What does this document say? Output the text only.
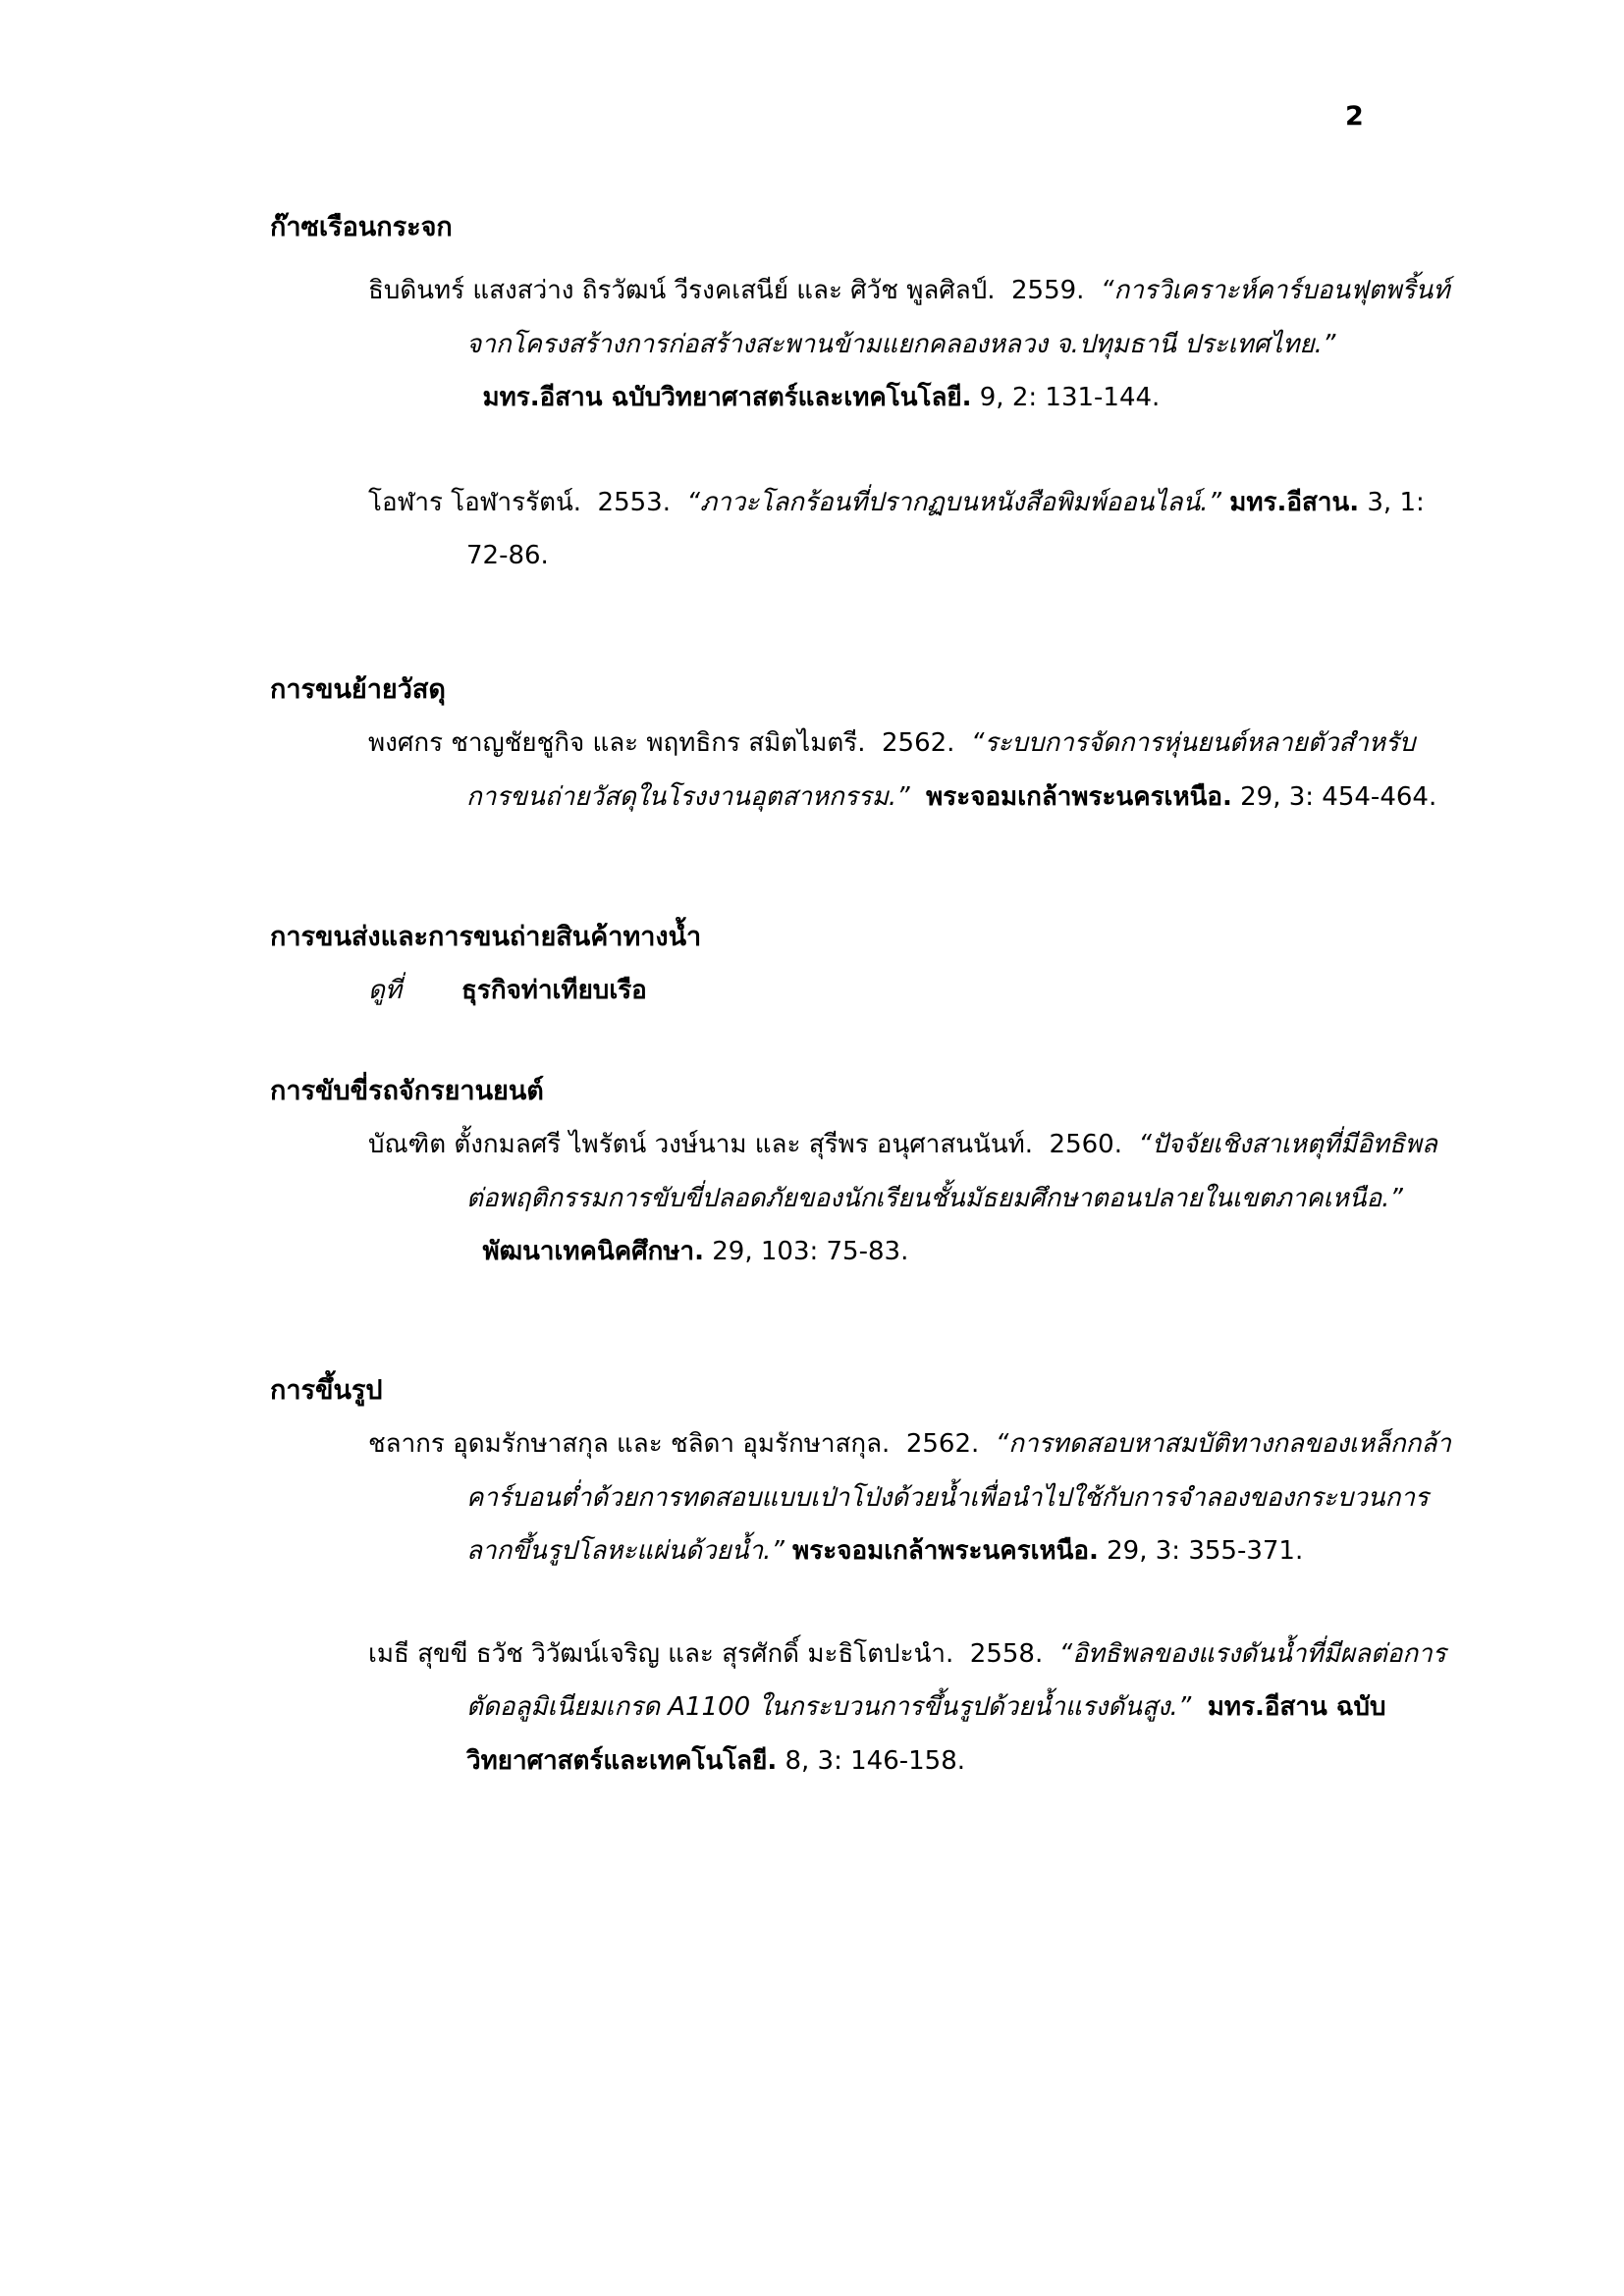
2
ก๊าซเรือนกระจก
ธิบดินทร์ แสงสว่าง ถิรวัฒน์ วีรงคเสนีย์ และ ศิวัช พูลศิลป์. 2559. “การวิเคราะห์คาร์บอนฟุตพริ้นท์จากโครงสร้างการก่อสร้างสะพานข้ามแยกคลองหลวง จ.ปทุมธานี ประเทศไทย.”  มทร.อีสาน ฉบับวิทยาศาสตร์และเทคโนโลยี. 9, 2: 131-144.
โอฬาร โอฬารรัตน์. 2553. “ภาวะโลกร้อนที่ปรากฏบนหนังสือพิมพ์ออนไลน์.” มทร.อีสาน. 3, 1: 72-86.
การขนย้ายวัสดุ
พงศกร ชาญชัยชูกิจ และ พฤทธิกร สมิตไมตรี. 2562. “ระบบการจัดการหุ่นยนต์หลายตัวสำหรับการขนถ่ายวัสดุในโรงงานอุตสาหกรรม.” พระจอมเกล้าพระนครเหนือ. 29, 3: 454-464.
การขนส่งและการขนถ่ายสินค้าทางน้ำ
ดูที่ ธุรกิจท่าเทียบเรือ
การขับขี่รถจักรยานยนต์
บัณฑิต ตั้งกมลศรี ไพรัตน์ วงษ์นาม และ สุรีพร อนุศาสนนันท์. 2560. “ปัจจัยเชิงสาเหตุที่มีอิทธิพลต่อพฤติกรรมการขับขี่ปลอดภัยของนักเรียนชั้นมัธยมศึกษาตอนปลายในเขตภาคเหนือ.”  พัฒนาเทคนิคศึกษา. 29, 103: 75-83.
การขึ้นรูป
ชลากร อุดมรักษาสกุล และ ชลิดา อุมรักษาสกุล. 2562. “การทดสอบหาสมบัติทางกลของเหล็กกล้าคาร์บอนต่ำด้วยการทดสอบแบบเป่าโป่งด้วยน้ำเพื่อนำไปใช้กับการจำลองของกระบวนการลากขึ้นรูปโลหะแผ่นด้วยน้ำ.” พระจอมเกล้าพระนครเหนือ. 29, 3: 355-371.
เมธี สุขขี ธวัช วิวัฒน์เจริญ และ สุรศักดิ์ มะธิโตปะนำ. 2558. “อิทธิพลของแรงดันน้ำที่มีผลต่อการตัดอลูมิเนียมเกรด A1100 ในกระบวนการขึ้นรูปด้วยน้ำแรงดันสูง.” มทร.อีสาน ฉบับวิทยาศาสตร์และเทคโนโลยี. 8, 3: 146-158.
